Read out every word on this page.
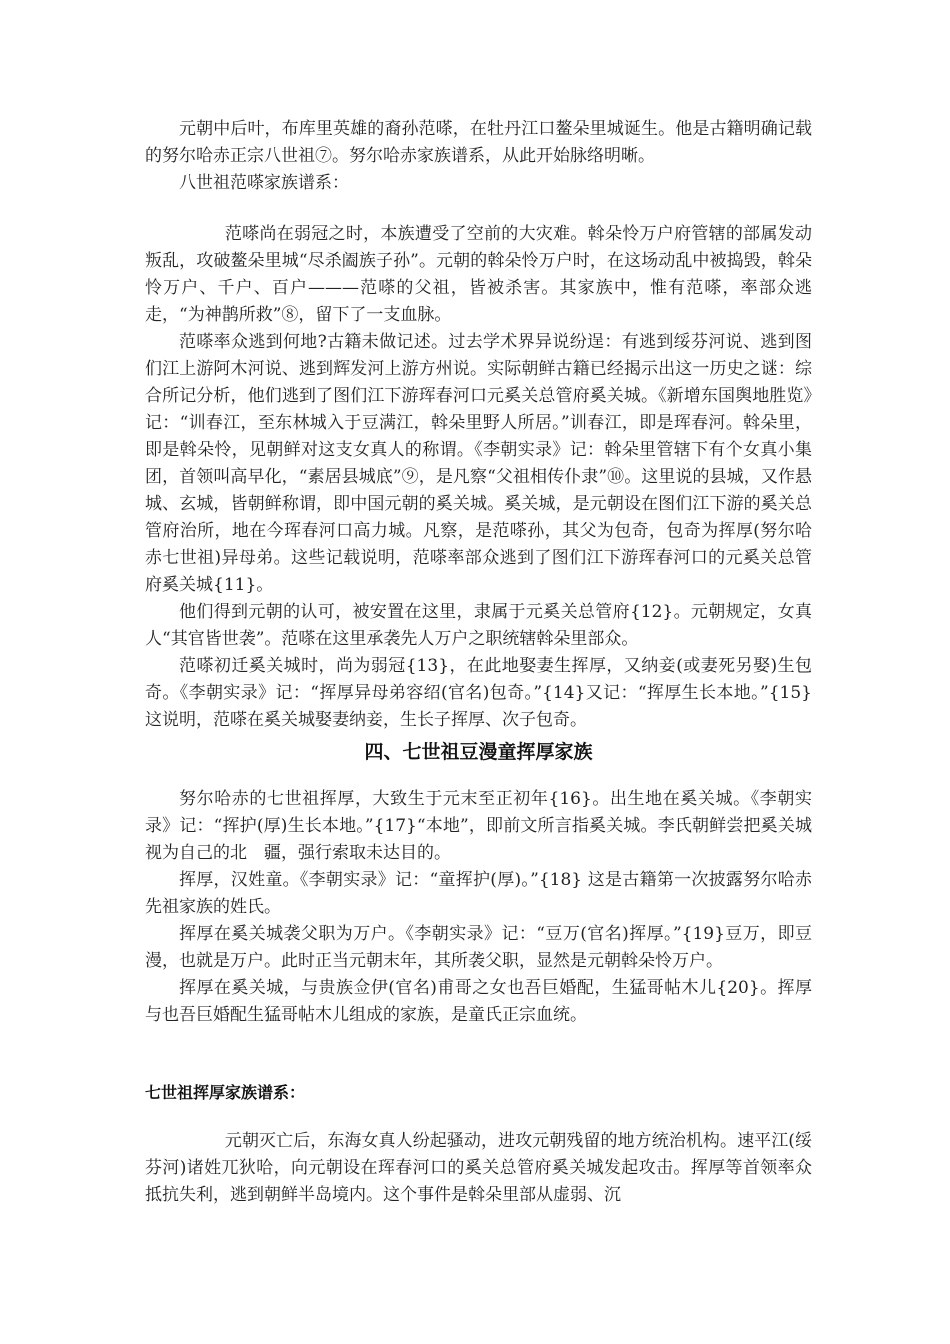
元朝中后叶，布库里英雄的裔孙范嗏，在牡丹江口鳌朵里城诞生。他是古籍明确记载的努尔哈赤正宗八世祖⑦。努尔哈赤家族谱系，从此开始脉络明晰。

八世祖范嗏家族谱系：

范嗏尚在弱冠之时，本族遭受了空前的大灾难。斡朵怜万户府管辖的部属发动叛乱，攻破鳌朵里城“尽杀阖族子孙”。元朝的斡朵怜万户时，在这场动乱中被捣毁，斡朵怜万户、千户、百户———范嗏的父祖，皆被杀害。其家族中，惟有范嗏，率部众逃走，“为神鹊所救”⑧，留下了一支血脉。

范嗏率众逃到何地?古籍未做记述。过去学术界异说纷逞：有逃到绥芬河说、逃到图们江上游阿木河说、逃到辉发河上游方州说。实际朝鲜古籍已经揭示出这一历史之谜：综合所记分析，他们逃到了图们江下游珲春河口元奚关总管府奚关城。《新增东国舆地胜览》记：“训春江，至东林城入于豆满江，斡朵里野人所居。”训春江，即是珲春河。斡朵里，即是斡朵怜，见朝鲜对这支女真人的称谓。《李朝实录》记：斡朵里管辖下有个女真小集团，首领叫高早化，“素居县城底”⑨，是凡察“父祖相传仆隶”⑩。这里说的县城，又作悬城、玄城，皆朝鲜称谓，即中国元朝的奚关城。奚关城，是元朝设在图们江下游的奚关总管府治所，地在今珲春河口高力城。凡察，是范嗏孙，其父为包奇，包奇为挥厚(努尔哈赤七世祖)异母弟。这些记载说明，范嗏率部众逃到了图们江下游珲春河口的元奚关总管府奚关城{11}。

他们得到元朝的认可，被安置在这里，隶属于元奚关总管府{12}。元朝规定，女真人“其官皆世袭”。范嗏在这里承袭先人万户之职统辖斡朵里部众。

范嗏初迁奚关城时，尚为弱冠{13}，在此地娶妻生挥厚，又纳妾(或妻死另娶)生包奇。《李朝实录》记：“挥厚异母弟容绍(官名)包奇。”{14}又记：“挥厚生长本地。”{15}这说明，范嗏在奚关城娶妻纳妾，生长子挥厚、次子包奇。

四、七世祖豆漫童挥厚家族

努尔哈赤的七世祖挥厚，大致生于元末至正初年{16}。出生地在奚关城。《李朝实录》记：“挥护(厚)生长本地。”{17}“本地”，即前文所言指奚关城。李氏朝鲜尝把奚关城视为自己的北　疆，强行索取未达目的。

挥厚，汉姓童。《李朝实录》记：“童挥护(厚)。”{18} 这是古籍第一次披露努尔哈赤先祖家族的姓氏。

挥厚在奚关城袭父职为万户。《李朝实录》记：“豆万(官名)挥厚。”{19}豆万，即豆漫，也就是万户。此时正当元朝末年，其所袭父职，显然是元朝斡朵怜万户。

挥厚在奚关城，与贵族佥伊(官名)甫哥之女也吾巨婚配，生猛哥帖木儿{20}。挥厚与也吾巨婚配生猛哥帖木儿组成的家族，是童氏正宗血统。

七世祖挥厚家族谱系：

元朝灭亡后，东海女真人纷起骚动，进攻元朝残留的地方统治机构。速平江(绥芬河)诸姓兀狄哈，向元朝设在珲春河口的奚关总管府奚关城发起攻击。挥厚等首领率众抵抗失利，逃到朝鲜半岛境内。这个事件是斡朵里部从虚弱、沉
